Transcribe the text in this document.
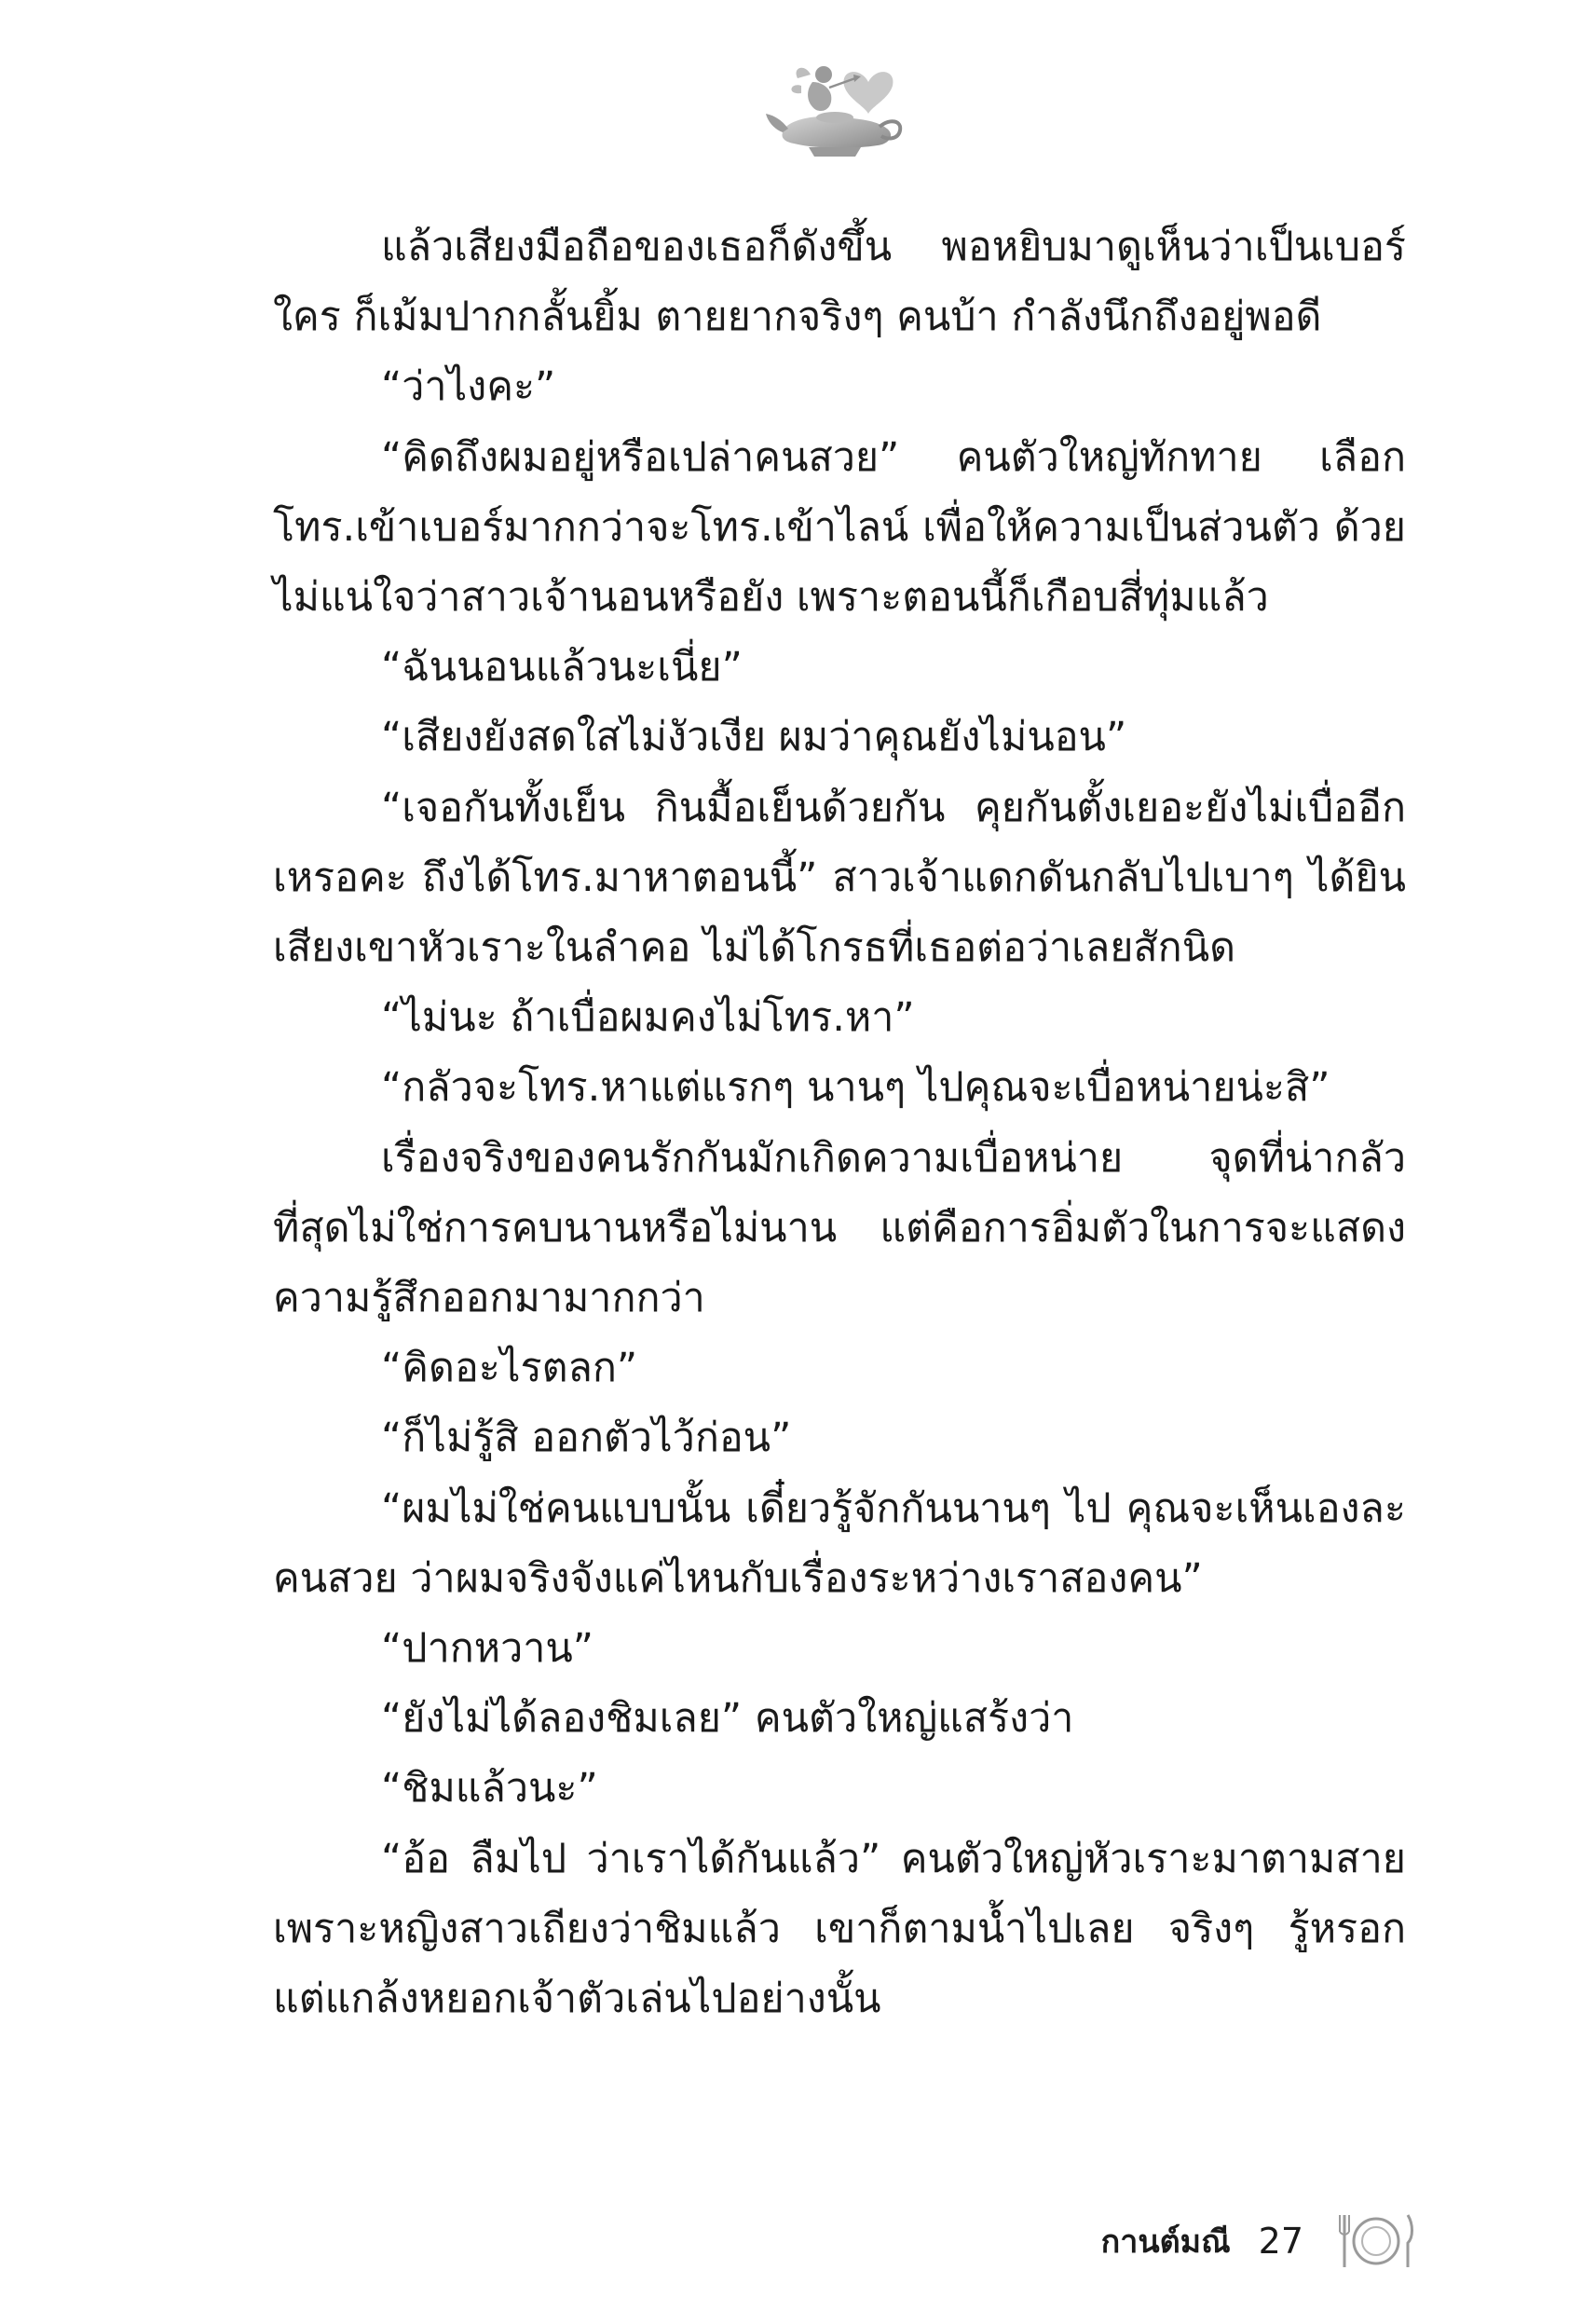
แล้วเสียงมือถือของเธอก็ดังขึ้น พอหยิบมาดูเห็นว่าเป็นเบอร์ใคร ก็เม้มปากกลั้นยิ้ม ตายยากจริงๆ คนบ้า กำลังนึกถึงอยู่พอดี

“ว่าไงคะ”

“คิดถึงผมอยู่หรือเปล่าคนสวย” คนตัวใหญ่ทักทาย เลือกโทร.เข้าเบอร์มากกว่าจะโทร.เข้าไลน์ เพื่อให้ความเป็นส่วนตัว ด้วยไม่แน่ใจว่าสาวเจ้านอนหรือยัง เพราะตอนนี้ก็เกือบสี่ทุ่มแล้ว

“ฉันนอนแล้วนะเนี่ย”

“เสียงยังสดใสไม่งัวเงีย ผมว่าคุณยังไม่นอน”

“เจอกันทั้งเย็น กินมื้อเย็นด้วยกัน คุยกันตั้งเยอะยังไม่เบื่ออีกเหรอคะ ถึงได้โทร.มาหาตอนนี้” สาวเจ้าแดกดันกลับไปเบาๆ ได้ยินเสียงเขาหัวเราะในลำคอ ไม่ได้โกรธที่เธอต่อว่าเลยสักนิด

“ไม่นะ ถ้าเบื่อผมคงไม่โทร.หา”

“กลัวจะโทร.หาแต่แรกๆ นานๆ ไปคุณจะเบื่อหน่ายน่ะสิ”

เรื่องจริงของคนรักกันมักเกิดความเบื่อหน่าย จุดที่น่ากลัวที่สุดไม่ใช่การคบนานหรือไม่นาน แต่คือการอิ่มตัวในการจะแสดงความรู้สึกออกมามากกว่า

“คิดอะไรตลก”

“ก็ไม่รู้สิ ออกตัวไว้ก่อน”

“ผมไม่ใช่คนแบบนั้น เดี๋ยวรู้จักกันนานๆ ไป คุณจะเห็นเองละคนสวย ว่าผมจริงจังแค่ไหนกับเรื่องระหว่างเราสองคน”

“ปากหวาน”

“ยังไม่ได้ลองชิมเลย” คนตัวใหญ่แสร้งว่า

“ชิมแล้วนะ”

“อ้อ ลืมไป ว่าเราได้กันแล้ว” คนตัวใหญ่หัวเราะมาตามสาย เพราะหญิงสาวเถียงว่าชิมแล้ว เขาก็ตามน้ำไปเลย จริงๆ รู้หรอก แต่แกล้งหยอกเจ้าตัวเล่นไปอย่างนั้น

กานต์มณี 27
